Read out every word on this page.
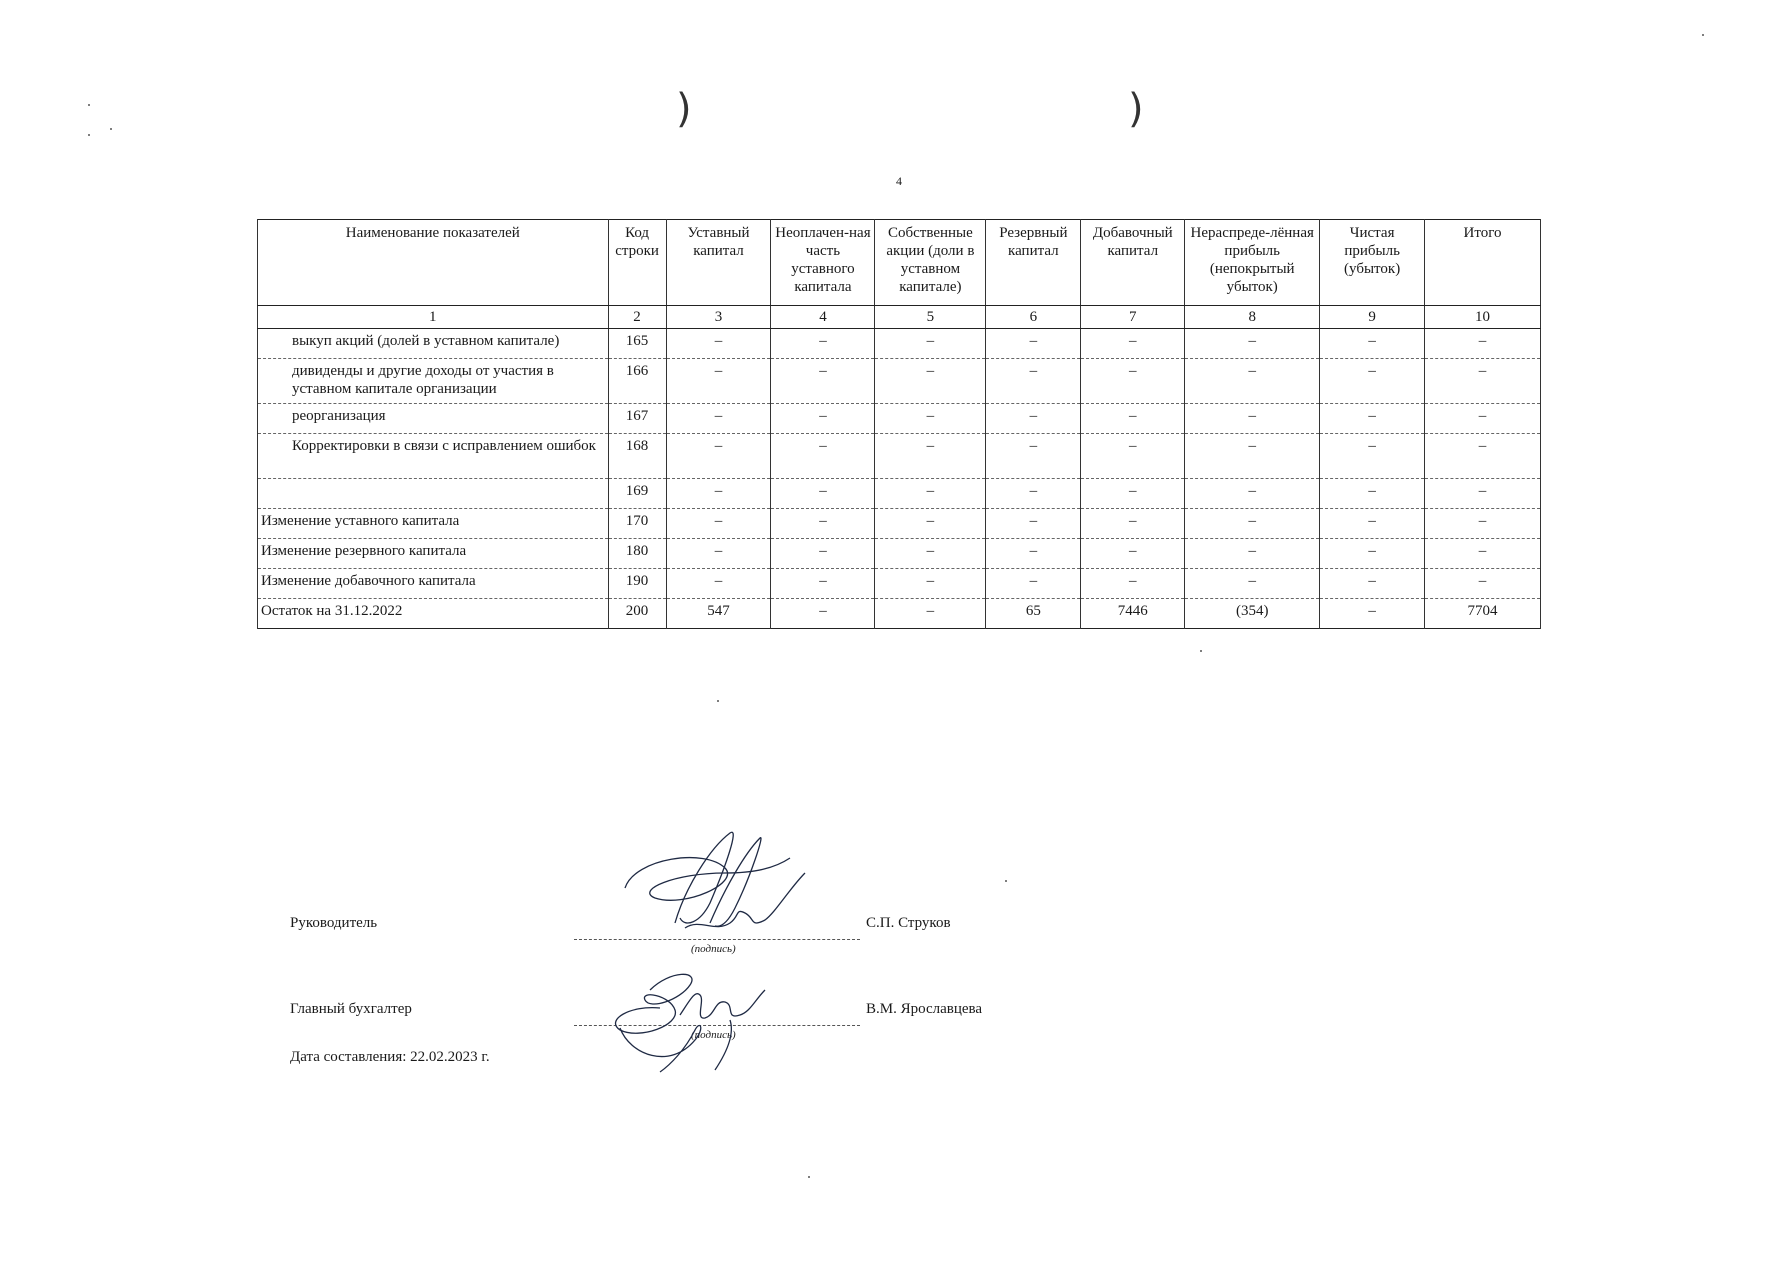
)	)
4
Наименование показателей	Код строки	Уставный капитал	Неоплачен-ная часть уставного капитала	Собственные акции (доли в уставном капитале)	Резервный капитал	Добавочный капитал	Нераспреде-лённая прибыль (непокрытый убыток)	Чистая прибыль (убыток)	Итого
1	2	3	4	5	6	7	8	9	10
выкуп акций (долей в уставном капитале)	165	–	–	–	–	–	–	–	–
дивиденды и другие доходы от участия в уставном капитале организации	166	–	–	–	–	–	–	–	–
реорганизация	167	–	–	–	–	–	–	–	–
Корректировки в связи с исправлением ошибок	168	–	–	–	–	–	–	–	–
	169	–	–	–	–	–	–	–	–
Изменение уставного капитала	170	–	–	–	–	–	–	–	–
Изменение резервного капитала	180	–	–	–	–	–	–	–	–
Изменение добавочного капитала	190	–	–	–	–	–	–	–	–
Остаток на 31.12.2022	200	547	–	–	65	7446	(354)	–	7704
Руководитель
(подпись)
С.П. Струков
Главный бухгалтер
(подпись)
В.М. Ярославцева
Дата составления: 22.02.2023 г.
